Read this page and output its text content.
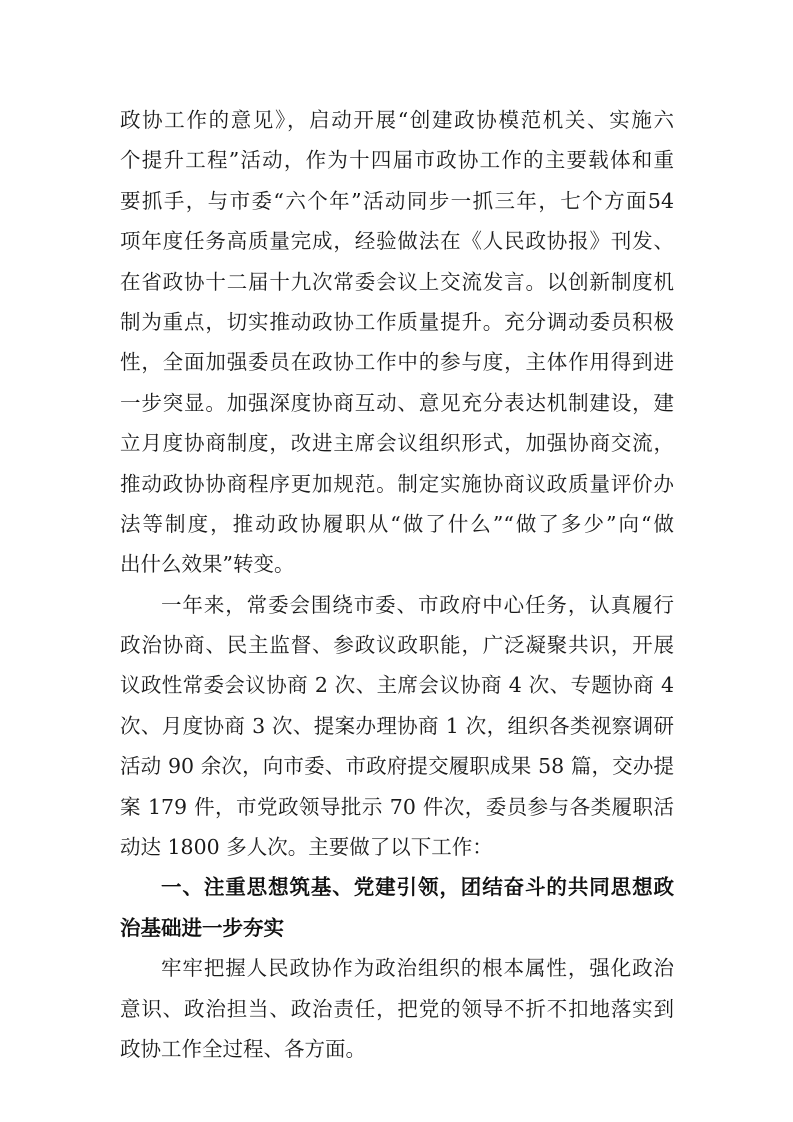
政协工作的意见》，启动开展“创建政协模范机关、实施六
个提升工程”活动，作为十四届市政协工作的主要载体和重
要抓手，与市委“六个年”活动同步一抓三年，七个方面54
项年度任务高质量完成，经验做法在《人民政协报》刊发、
在省政协十二届十九次常委会议上交流发言。以创新制度机
制为重点，切实推动政协工作质量提升。充分调动委员积极
性，全面加强委员在政协工作中的参与度，主体作用得到进
一步突显。加强深度协商互动、意见充分表达机制建设，建
立月度协商制度，改进主席会议组织形式，加强协商交流，
推动政协协商程序更加规范。制定实施协商议政质量评价办
法等制度，推动政协履职从“做了什么”“做了多少”向“做
出什么效果”转变。
一年来，常委会围绕市委、市政府中心任务，认真履行
政治协商、民主监督、参政议政职能，广泛凝聚共识，开展
议政性常委会议协商 2 次、主席会议协商 4 次、专题协商 4
次、月度协商 3 次、提案办理协商 1 次，组织各类视察调研
活动 90 余次，向市委、市政府提交履职成果 58 篇，交办提
案 179 件，市党政领导批示 70 件次，委员参与各类履职活
动达 1800 多人次。主要做了以下工作：
一、注重思想筑基、党建引领，团结奋斗的共同思想政
治基础进一步夯实
牢牢把握人民政协作为政治组织的根本属性，强化政治
意识、政治担当、政治责任，把党的领导不折不扣地落实到
政协工作全过程、各方面。
